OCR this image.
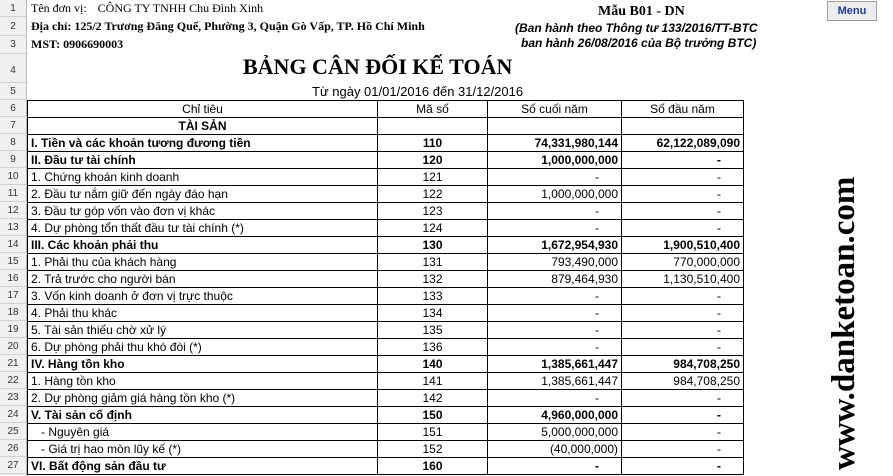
1
2
3
4
5
6
7
8
9
10
11
12
13
14
15
16
17
18
19
20
21
22
23
24
25
26
27
Tên đơn vị: CÔNG TY TNHH Chu Đình Xinh
Địa chỉ: 125/2 Trương Đăng Quế, Phường 3, Quận Gò Vấp, TP. Hồ Chí Minh
MST: 0906690003
Mẫu B01 - DN
(Ban hành theo Thông tư 133/2016/TT-BTC
ban hành 26/08/2016 của Bộ trưởng BTC)
Menu
BẢNG CÂN ĐỐI KẾ TOÁN
Từ ngày 01/01/2016 đến 31/12/2016
Chỉ tiêu	Mã số	Số cuối năm	Số đầu năm
TÀI SẢN			
I. Tiền và các khoản tương đương tiền	110	74,331,980,144	62,122,089,090
II. Đầu tư tài chính	120	1,000,000,000	-
1. Chứng khoán kinh doanh	121	-	-
2. Đầu tư nắm giữ đến ngày đáo hạn	122	1,000,000,000	-
3. Đầu tư góp vốn vào đơn vị khác	123	-	-
4. Dự phòng tổn thất đầu tư tài chính (*)	124	-	-
III. Các khoản phải thu	130	1,672,954,930	1,900,510,400
1. Phải thu của khách hàng	131	793,490,000	770,000,000
2. Trả trước cho người bán	132	879,464,930	1,130,510,400
3. Vốn kinh doanh ở đơn vị trực thuộc	133	-	-
4. Phải thu khác	134	-	-
5. Tài sản thiếu chờ xử lý	135	-	-
6. Dự phòng phải thu khó đòi (*)	136	-	-
IV. Hàng tồn kho	140	1,385,661,447	984,708,250
1. Hàng tồn kho	141	1,385,661,447	984,708,250
2. Dự phòng giảm giá hàng tồn kho (*)	142	-	-
V. Tài sản cố định	150	4,960,000,000	-
- Nguyên giá	151	5,000,000,000	-
- Giá trị hao mòn lũy kế (*)	152	(40,000,000)	-
VI. Bất động sản đầu tư	160	-	-	www.danketoan.com
